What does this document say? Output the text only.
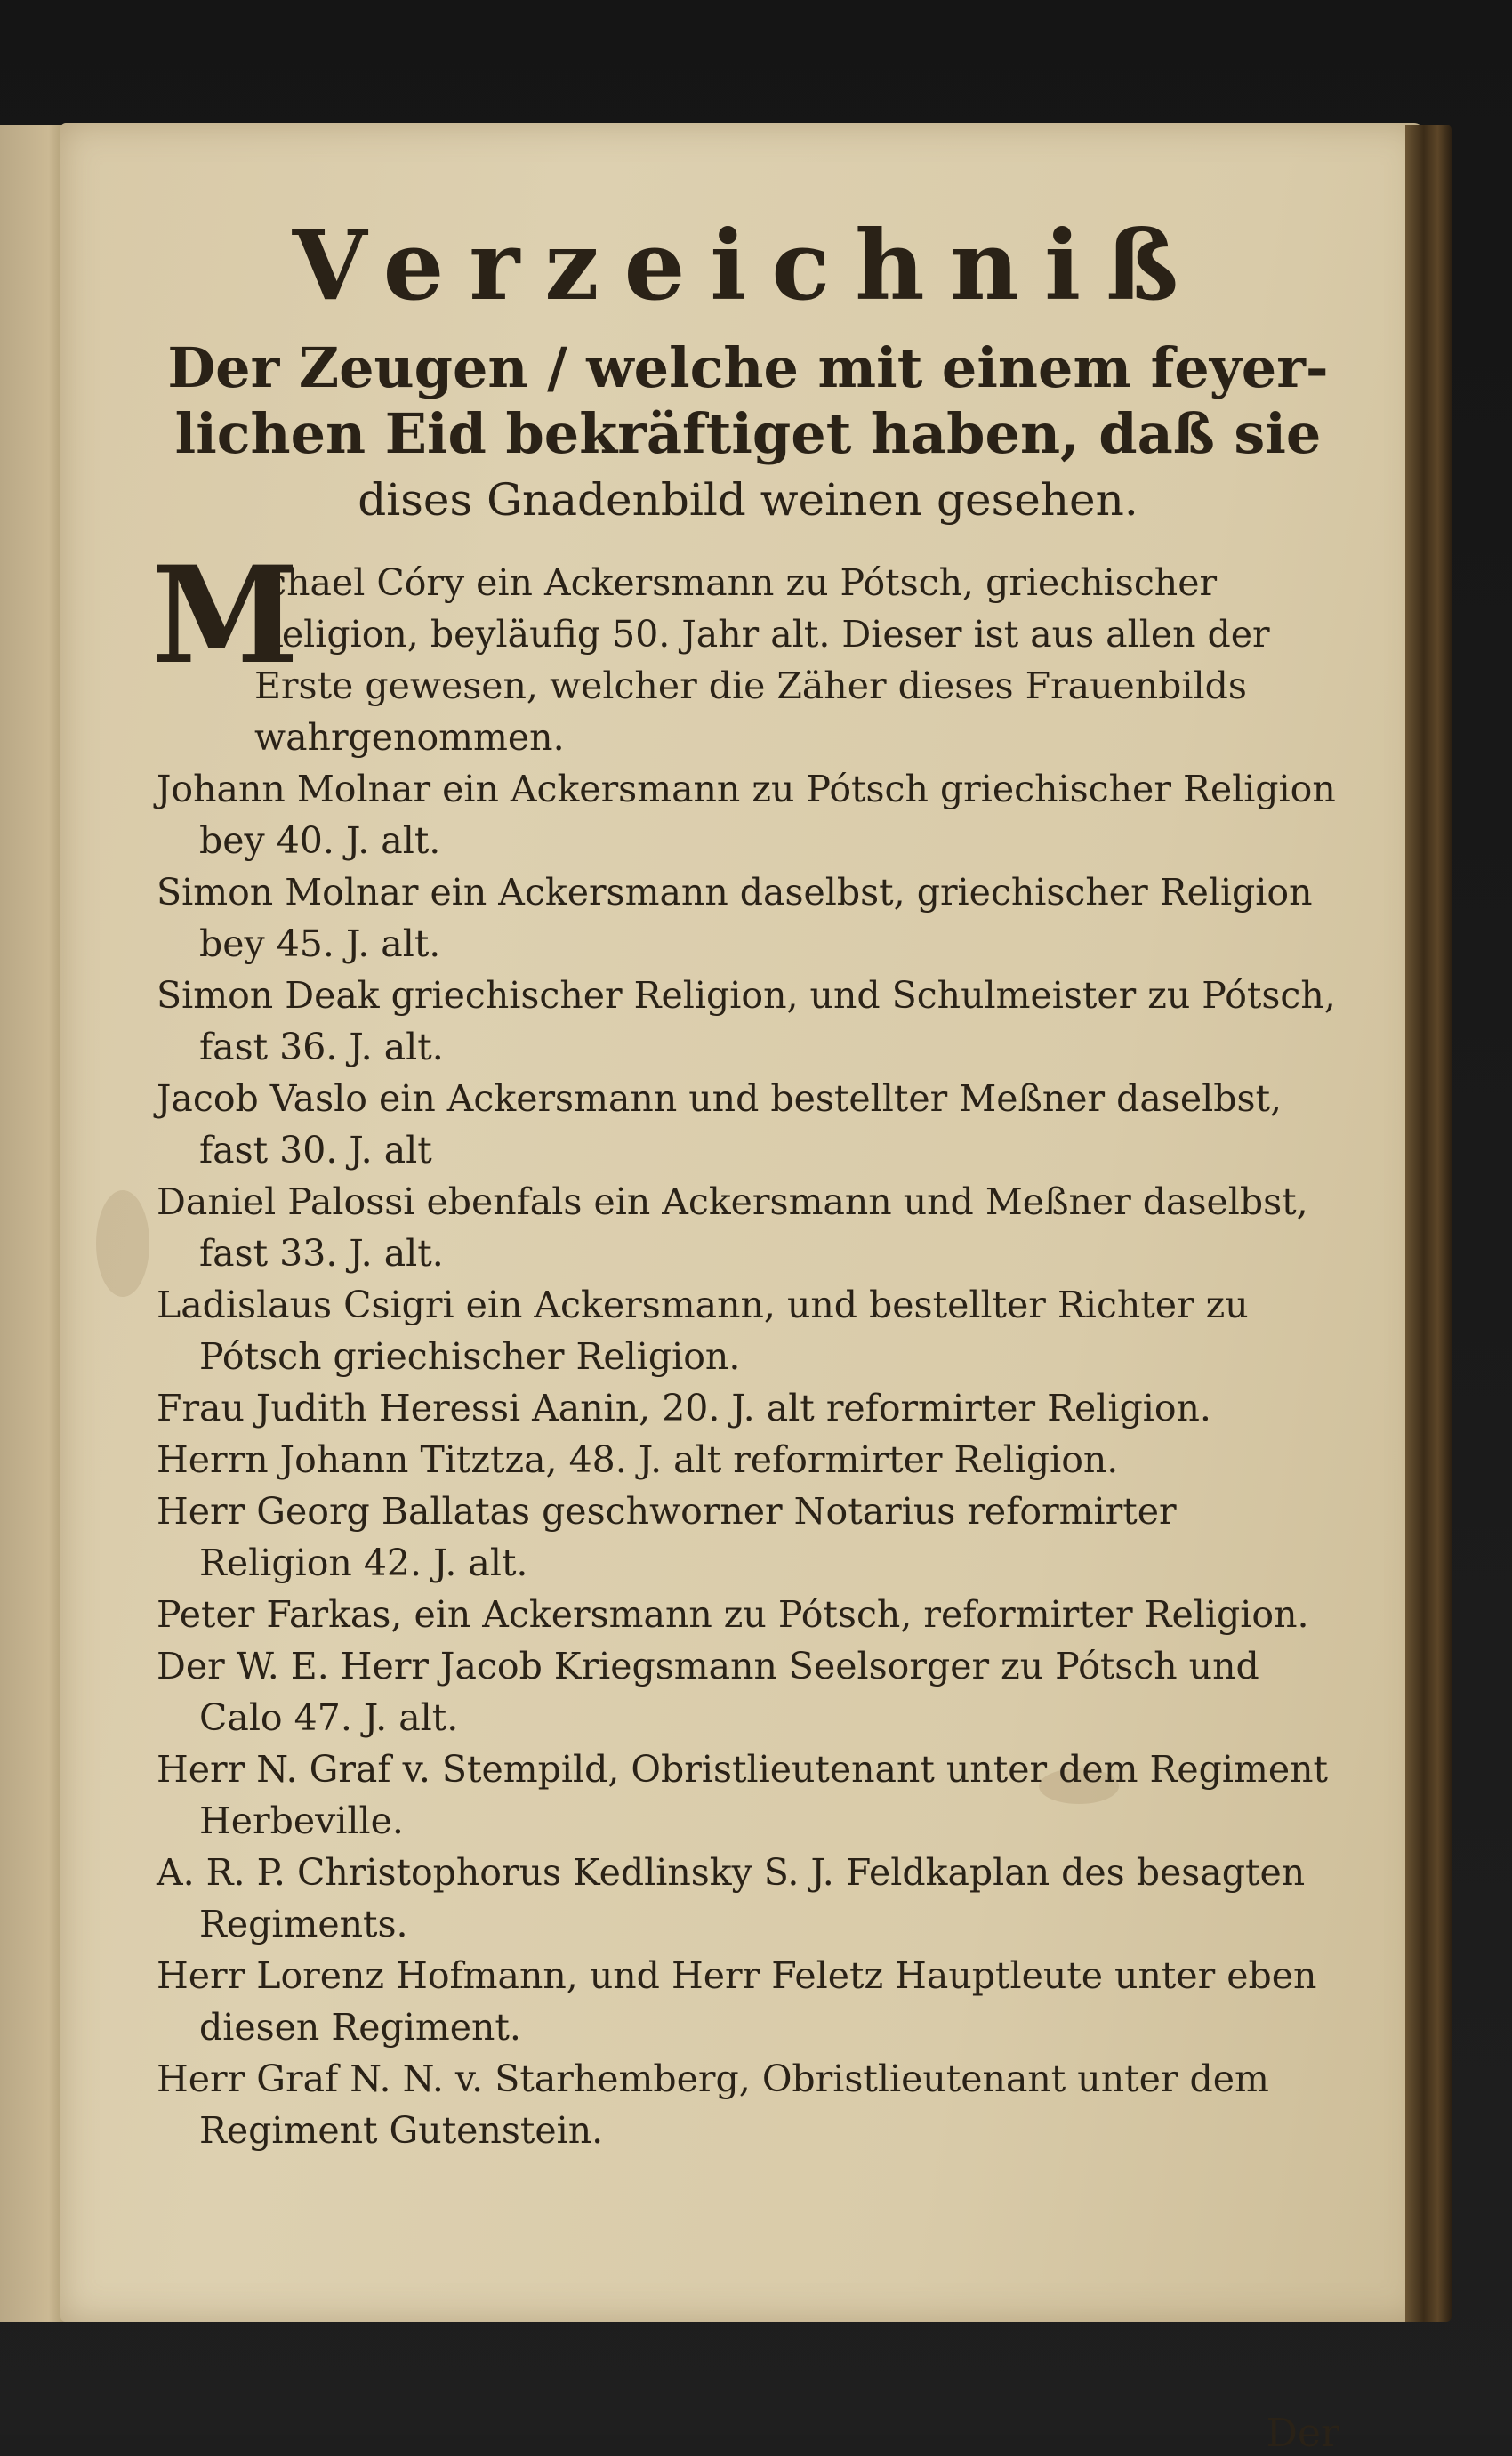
Verzeichniß

Der Zeugen / welche mit einem feyer-

lichen Eid bekräftiget haben, daß sie

dises Gnadenbild weinen gesehen.

M
ichael Córy ein Ackersmann zu Pótsch, griechischer Religion, beyläufig 50. Jahr alt. Dieser ist aus allen der Erste gewesen, welcher die Zäher dieses Frauenbilds wahrgenommen.
Johann Molnar ein Ackersmann zu Pótsch griechischer Religion bey 40. J. alt.
Simon Molnar ein Ackersmann daselbst, griechischer Religion bey 45. J. alt.
Simon Deak griechischer Religion, und Schulmeister zu Pótsch, fast 36. J. alt.
Jacob Vaslo ein Ackersmann und bestellter Meßner daselbst, fast 30. J. alt
Daniel Palossi ebenfals ein Ackersmann und Meßner daselbst, fast 33. J. alt.
Ladislaus Csigri ein Ackersmann, und bestellter Richter zu Pótsch griechischer Religion.
Frau Judith Heressi Aanin, 20. J. alt reformirter Religion.
Herrn Johann Titztza, 48. J. alt reformirter Religion.
Herr Georg Ballatas geschworner Notarius reformirter Religion 42. J. alt.
Peter Farkas, ein Ackersmann zu Pótsch, reformirter Religion.
Der W. E. Herr Jacob Kriegsmann Seelsorger zu Pótsch und Calo 47. J. alt.
Herr N. Graf v. Stempild, Obristlieutenant unter dem Regiment Herbeville.
A. R. P. Christophorus Kedlinsky S. J. Feldkaplan des besagten Regiments.
Herr Lorenz Hofmann, und Herr Feletz Hauptleute unter eben diesen Regiment.
Herr Graf N. N. v. Starhemberg, Obristlieutenant unter dem Regiment Gutenstein.
Der
